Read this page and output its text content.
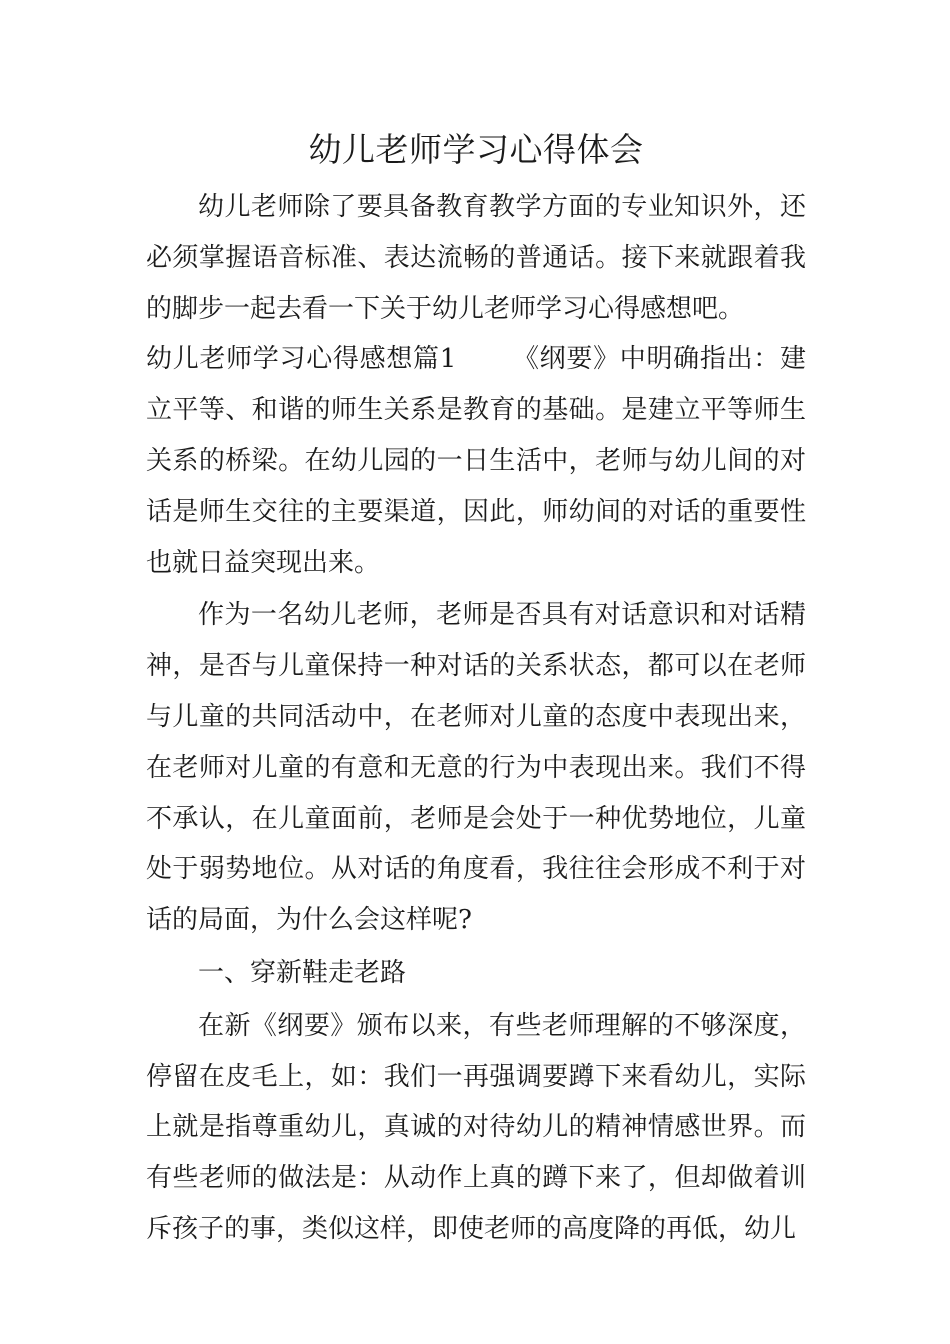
幼儿老师学习心得体会

幼儿老师除了要具备教育教学方面的专业知识外，还必须掌握语音标准、表达流畅的普通话。接下来就跟着我的脚步一起去看一下关于幼儿老师学习心得感想吧。

幼儿老师学习心得感想篇1 《纲要》中明确指出：建立平等、和谐的师生关系是教育的基础。是建立平等师生关系的桥梁。在幼儿园的一日生活中，老师与幼儿间的对话是师生交往的主要渠道，因此，师幼间的对话的重要性也就日益突现出来。

作为一名幼儿老师，老师是否具有对话意识和对话精神，是否与儿童保持一种对话的关系状态，都可以在老师与儿童的共同活动中，在老师对儿童的态度中表现出来，在老师对儿童的有意和无意的行为中表现出来。我们不得不承认，在儿童面前，老师是会处于一种优势地位，儿童处于弱势地位。从对话的角度看，我往往会形成不利于对话的局面，为什么会这样呢?

一、穿新鞋走老路

在新《纲要》颁布以来，有些老师理解的不够深度，停留在皮毛上，如：我们一再强调要蹲下来看幼儿，实际上就是指尊重幼儿，真诚的对待幼儿的精神情感世界。而有些老师的做法是：从动作上真的蹲下来了，但却做着训斥孩子的事，类似这样，即使老师的高度降的再低，幼儿
